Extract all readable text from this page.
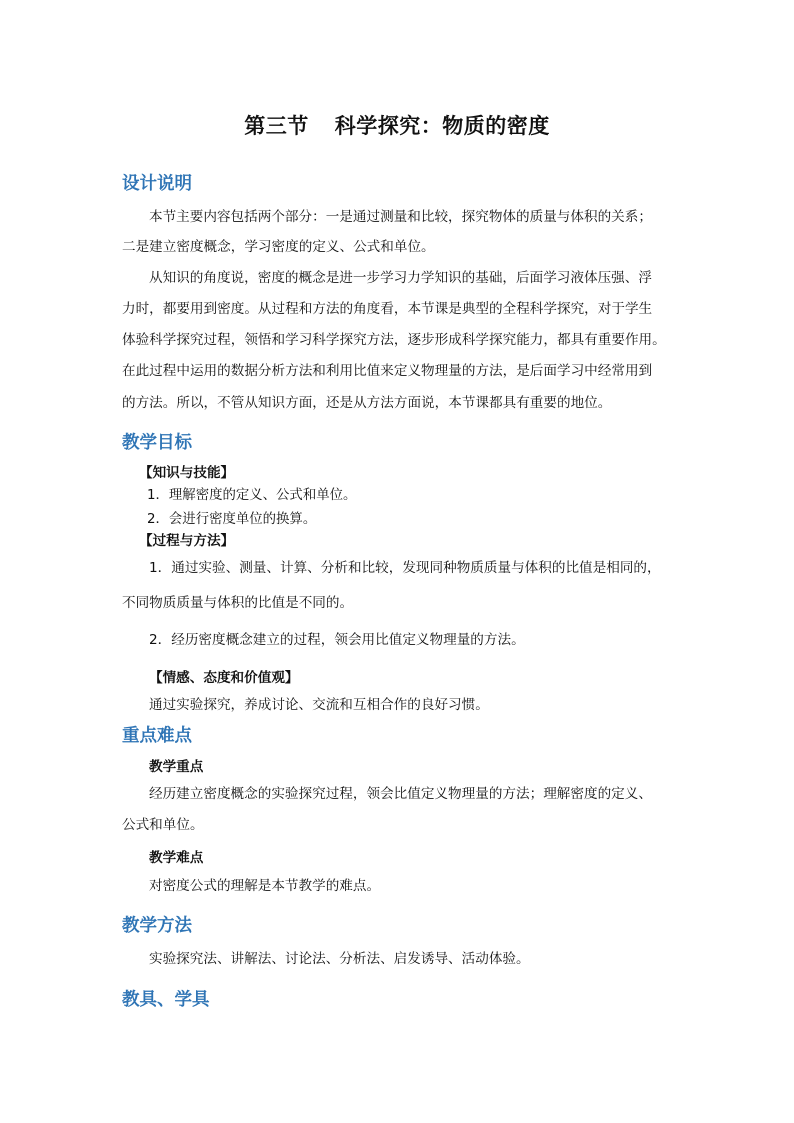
第三节 科学探究：物质的密度
设计说明
本节主要内容包括两个部分：一是通过测量和比较，探究物体的质量与体积的关系；
二是建立密度概念，学习密度的定义、公式和单位。
从知识的角度说，密度的概念是进一步学习力学知识的基础，后面学习液体压强、浮
力时，都要用到密度。从过程和方法的角度看，本节课是典型的全程科学探究，对于学生
体验科学探究过程，领悟和学习科学探究方法，逐步形成科学探究能力，都具有重要作用。
在此过程中运用的数据分析方法和利用比值来定义物理量的方法，是后面学习中经常用到
的方法。所以，不管从知识方面，还是从方法方面说，本节课都具有重要的地位。
教学目标
【知识与技能】
1．理解密度的定义、公式和单位。
2．会进行密度单位的换算。
【过程与方法】
1．通过实验、测量、计算、分析和比较，发现同种物质质量与体积的比值是相同的，
不同物质质量与体积的比值是不同的。
2．经历密度概念建立的过程，领会用比值定义物理量的方法。
【情感、态度和价值观】
通过实验探究，养成讨论、交流和互相合作的良好习惯。
重点难点
教学重点
经历建立密度概念的实验探究过程，领会比值定义物理量的方法；理解密度的定义、
公式和单位。
教学难点
对密度公式的理解是本节教学的难点。
教学方法
实验探究法、讲解法、讨论法、分析法、启发诱导、活动体验。
教具、学具
